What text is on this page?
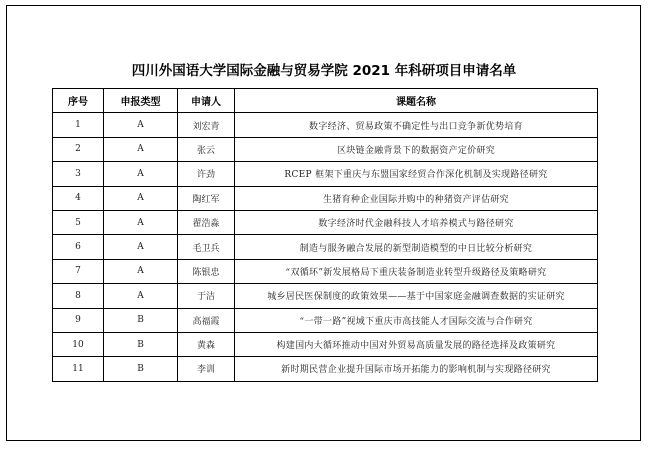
四川外国语大学国际金融与贸易学院 2021 年科研项目申请名单
序号	申报类型	申请人	课题名称
1	A	刘宏青	数字经济、贸易政策不确定性与出口竞争新优势培育
2	A	张云	区块链金融背景下的数据资产定价研究
3	A	许劲	RCEP 框架下重庆与东盟国家经贸合作深化机制及实现路径研究
4	A	陶红军	生猪育种企业国际并购中的种猪资产评估研究
5	A	翟浩淼	数字经济时代金融科技人才培养模式与路径研究
6	A	毛卫兵	制造与服务融合发展的新型制造模型的中日比较分析研究
7	A	陈银忠	“双循环”新发展格局下重庆装备制造业转型升级路径及策略研究
8	A	于洁	城乡居民医保制度的政策效果——基于中国家庭金融调查数据的实证研究
9	B	高福霞	“一带一路”视域下重庆市高技能人才国际交流与合作研究
10	B	黄森	构建国内大循环推动中国对外贸易高质量发展的路径选择及政策研究
11	B	李训	新时期民营企业提升国际市场开拓能力的影响机制与实现路径研究
